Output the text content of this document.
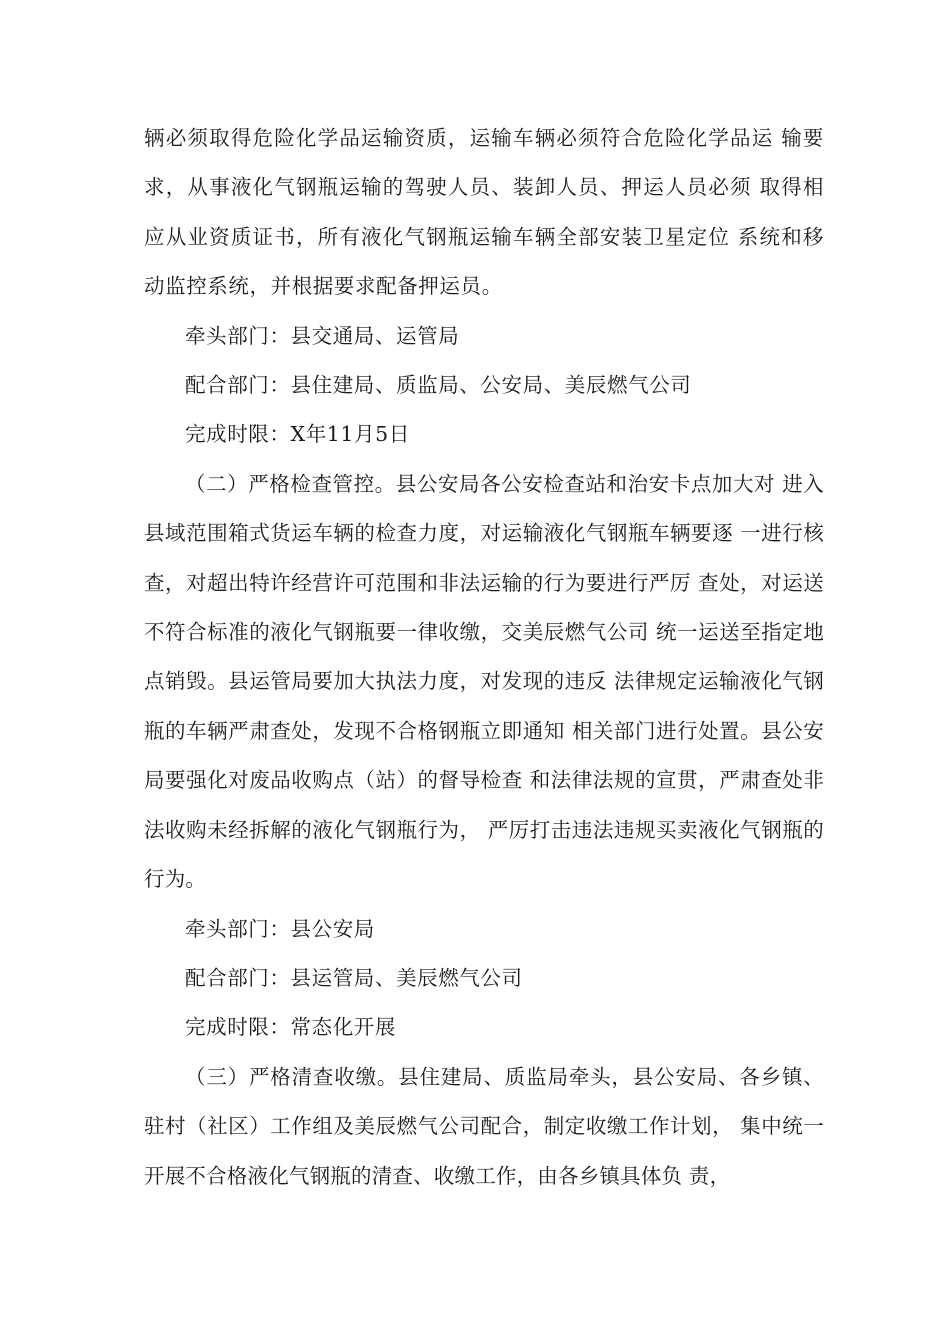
辆必须取得危险化学品运输资质，运输车辆必须符合危险化学品运 输要求，从事液化气钢瓶运输的驾驶人员、装卸人员、押运人员必须 取得相应从业资质证书，所有液化气钢瓶运输车辆全部安装卫星定位 系统和移动监控系统，并根据要求配备押运员。

牵头部门：县交通局、运管局

配合部门：县住建局、质监局、公安局、美辰燃气公司

完成时限：X年11月5日

（二）严格检查管控。县公安局各公安检查站和治安卡点加大对 进入县域范围箱式货运车辆的检查力度，对运输液化气钢瓶车辆要逐 一进行核查，对超出特许经营许可范围和非法运输的行为要进行严厉 查处，对运送不符合标准的液化气钢瓶要一律收缴，交美辰燃气公司 统一运送至指定地点销毁。县运管局要加大执法力度，对发现的违反 法律规定运输液化气钢瓶的车辆严肃查处，发现不合格钢瓶立即通知 相关部门进行处置。县公安局要强化对废品收购点（站）的督导检查 和法律法规的宣贯，严肃查处非法收购未经拆解的液化气钢瓶行为， 严厉打击违法违规买卖液化气钢瓶的行为。

牵头部门：县公安局

配合部门：县运管局、美辰燃气公司

完成时限：常态化开展

（三）严格清查收缴。县住建局、质监局牵头，县公安局、各乡镇、驻村（社区）工作组及美辰燃气公司配合，制定收缴工作计划， 集中统一开展不合格液化气钢瓶的清查、收缴工作，由各乡镇具体负 责，
